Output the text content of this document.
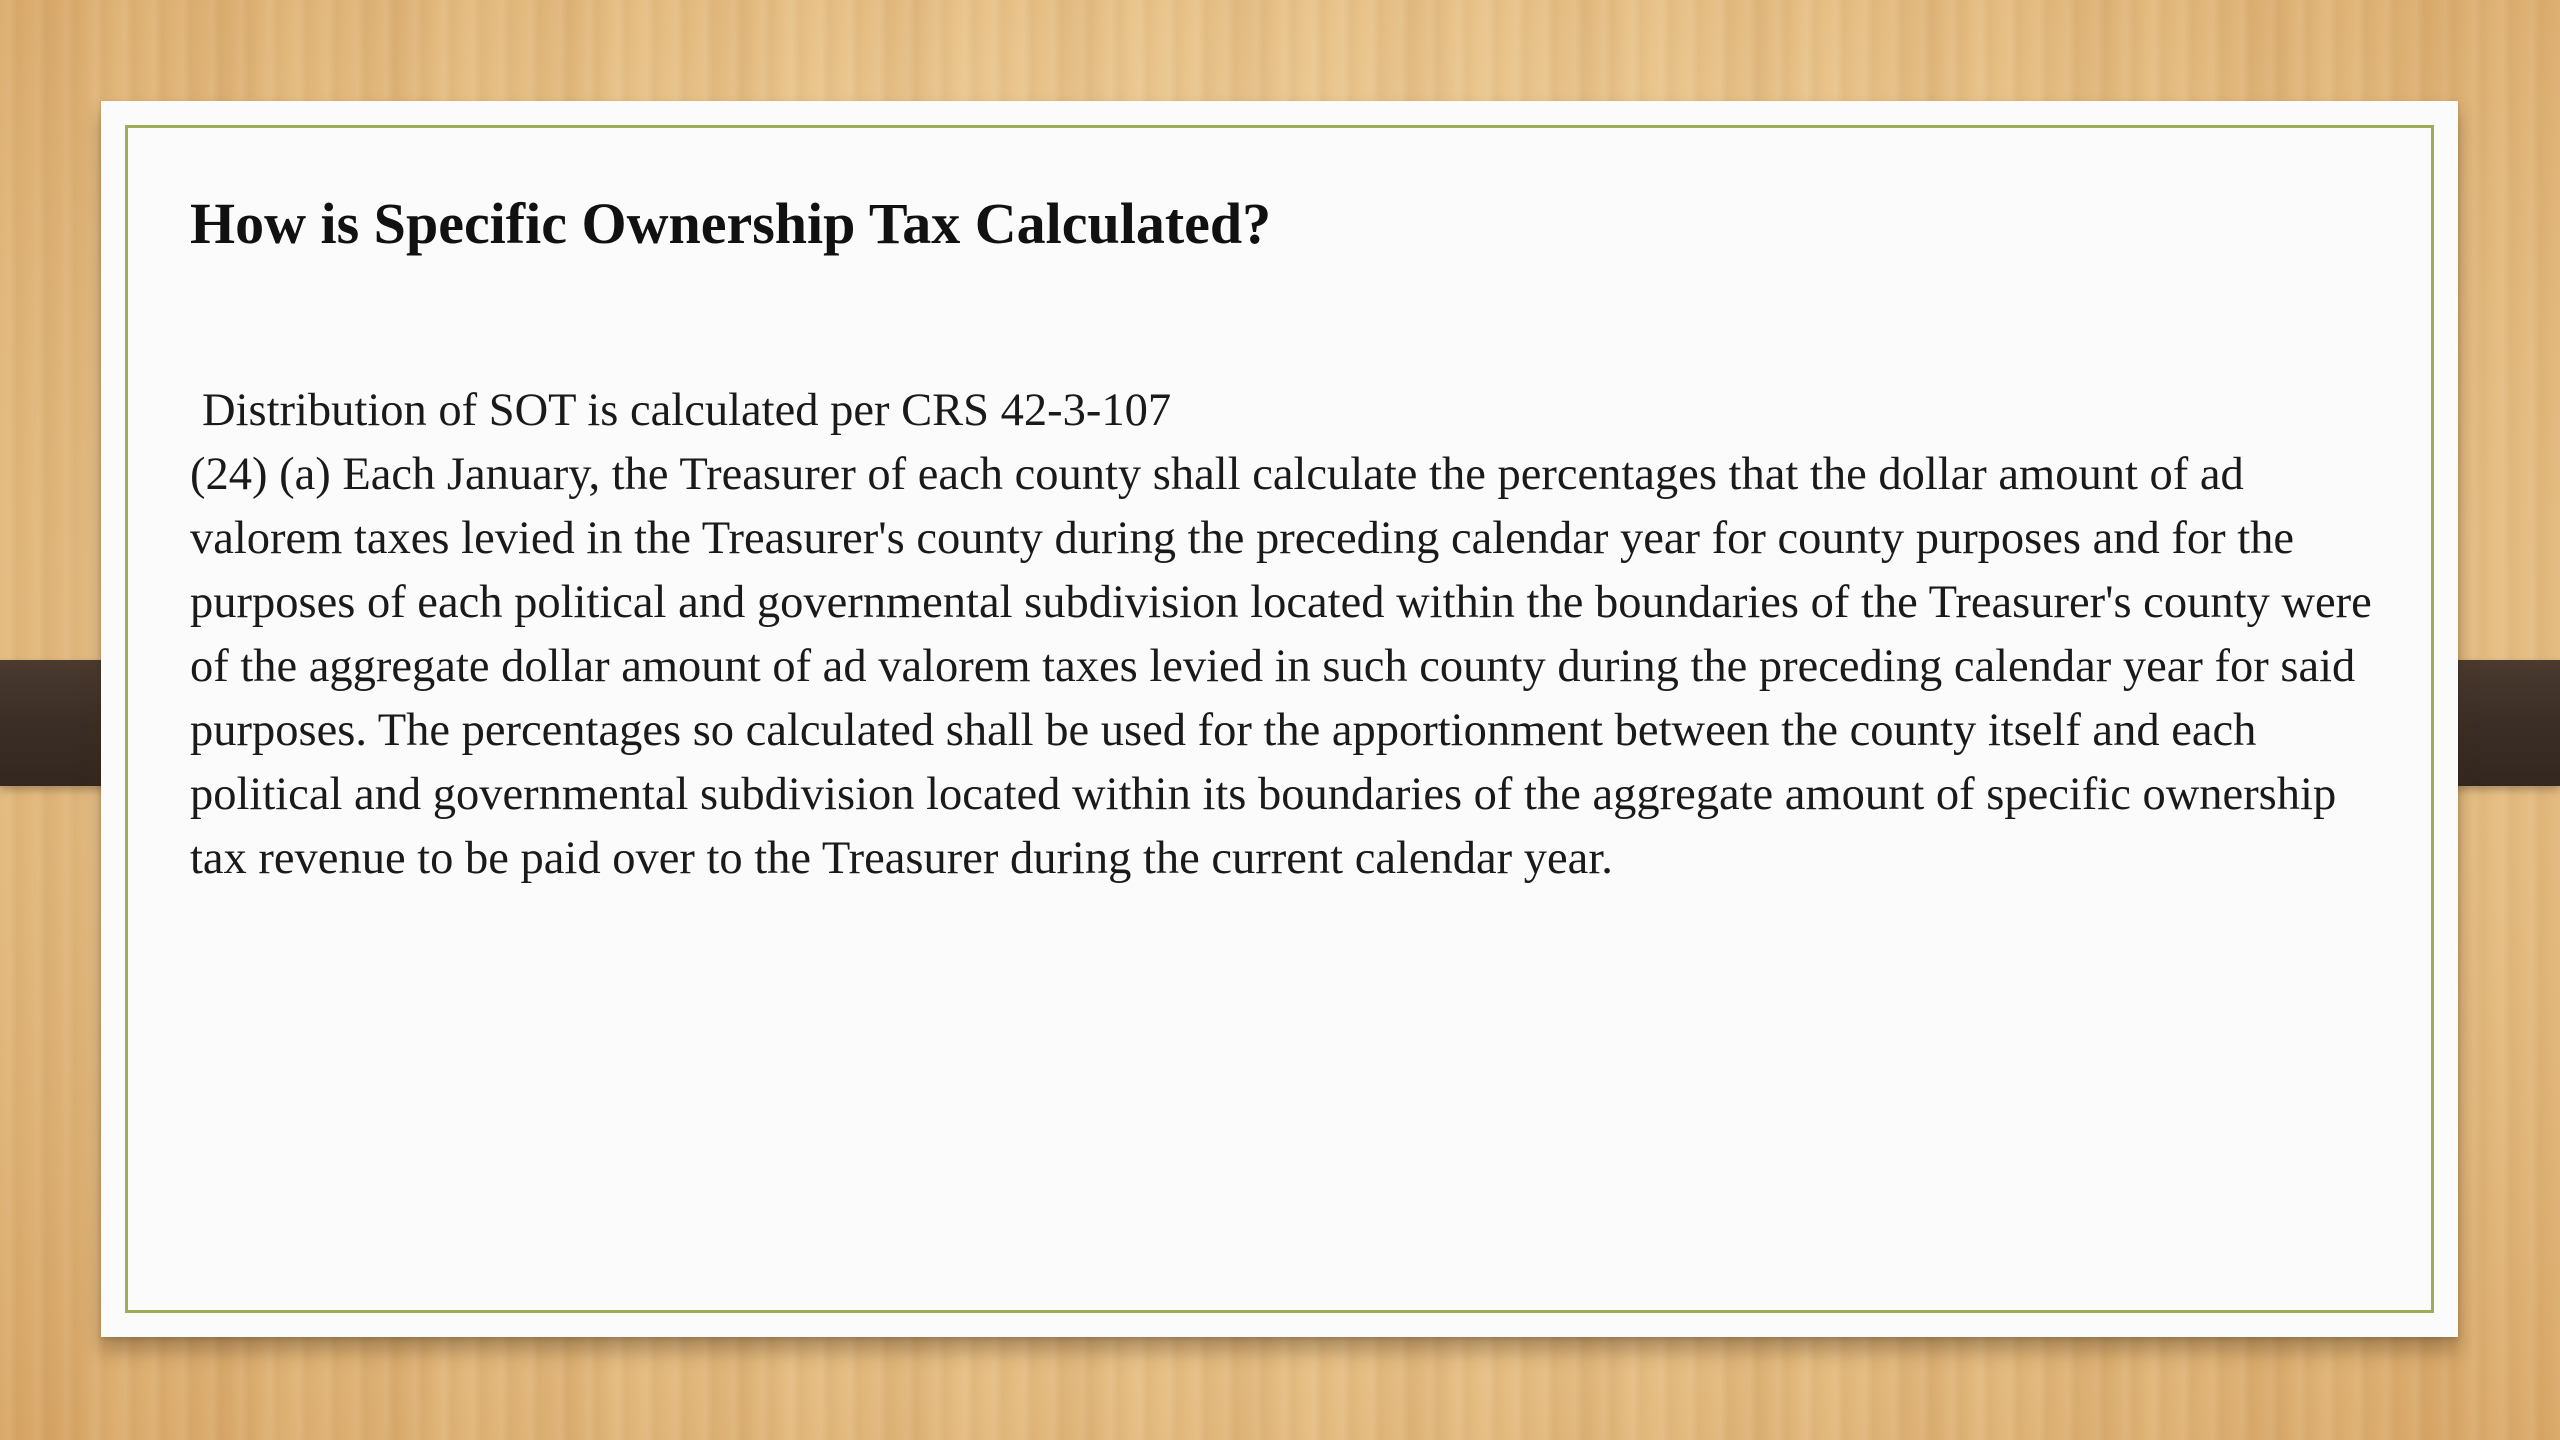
How is Specific Ownership Tax Calculated?

Distribution of SOT is calculated per CRS 42-3-107

(24) (a) Each January, the Treasurer of each county shall calculate the percentages that the dollar amount of ad valorem taxes levied in the Treasurer's county during the preceding calendar year for county purposes and for the purposes of each political and governmental subdivision located within the boundaries of the Treasurer's county were of the aggregate dollar amount of ad valorem taxes levied in such county during the preceding calendar year for said purposes. The percentages so calculated shall be used for the apportionment between the county itself and each political and governmental subdivision located within its boundaries of the aggregate amount of specific ownership tax revenue to be paid over to the Treasurer during the current calendar year.
